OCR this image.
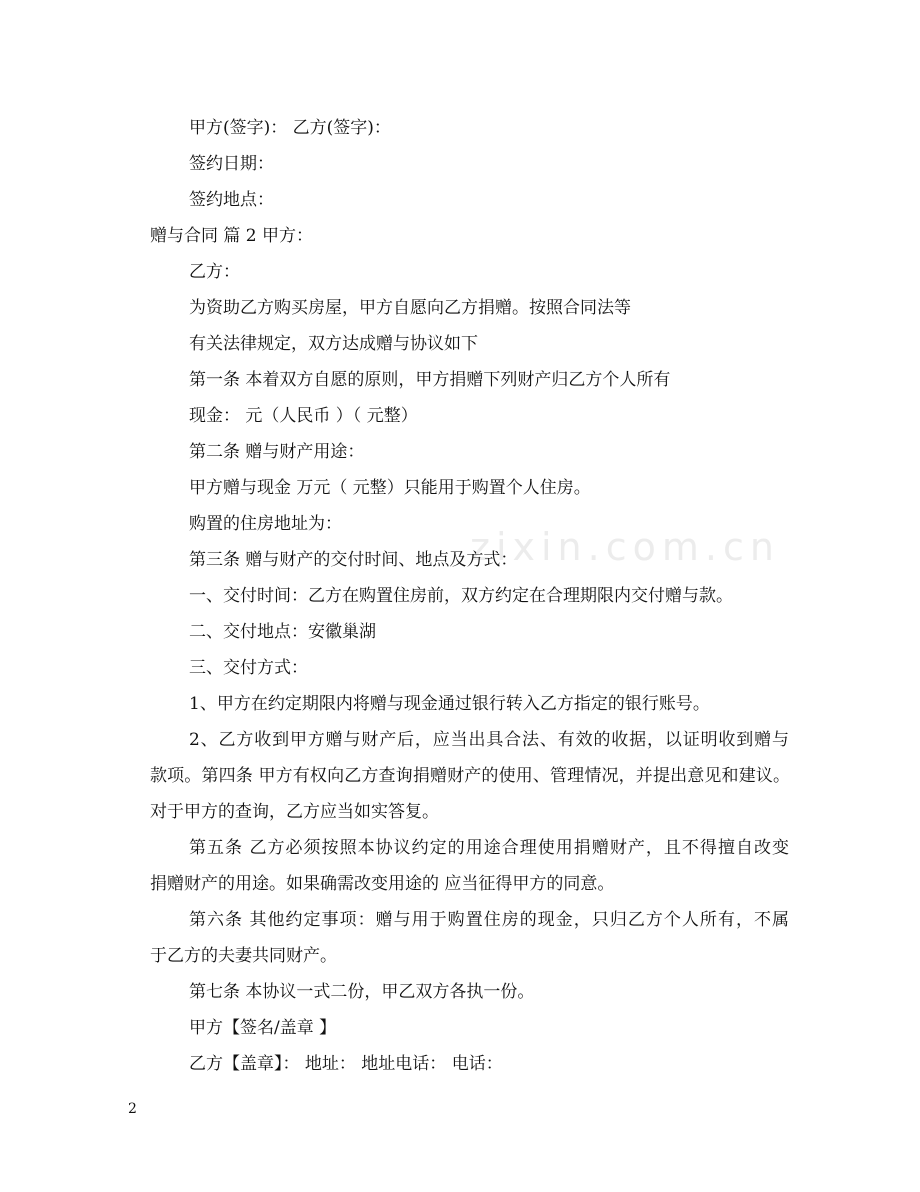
zixin.com.cn
甲方(签字)： 乙方(签字)：
签约日期：
签约地点：
赠与合同 篇 2 甲方：
乙方：
为资助乙方购买房屋，甲方自愿向乙方捐赠。按照合同法等
有关法律规定，双方达成赠与协议如下
第一条 本着双方自愿的原则，甲方捐赠下列财产归乙方个人所有
现金： 元（人民币 ）（ 元整）
第二条 赠与财产用途：
甲方赠与现金 万元（ 元整）只能用于购置个人住房。
购置的住房地址为：
第三条 赠与财产的交付时间、地点及方式：
一、交付时间：乙方在购置住房前，双方约定在合理期限内交付赠与款。
二、交付地点：安徽巢湖
三、交付方式：
1、甲方在约定期限内将赠与现金通过银行转入乙方指定的银行账号。
2、乙方收到甲方赠与财产后，应当出具合法、有效的收据，以证明收到赠与
款项。第四条 甲方有权向乙方查询捐赠财产的使用、管理情况，并提出意见和建议。
对于甲方的查询，乙方应当如实答复。
第五条 乙方必须按照本协议约定的用途合理使用捐赠财产，且不得擅自改变
捐赠财产的用途。如果确需改变用途的 应当征得甲方的同意。
第六条 其他约定事项：赠与用于购置住房的现金，只归乙方个人所有，不属
于乙方的夫妻共同财产。
第七条 本协议一式二份，甲乙双方各执一份。
甲方【签名/盖章 】
乙方【盖章】： 地址： 地址电话： 电话：
2
